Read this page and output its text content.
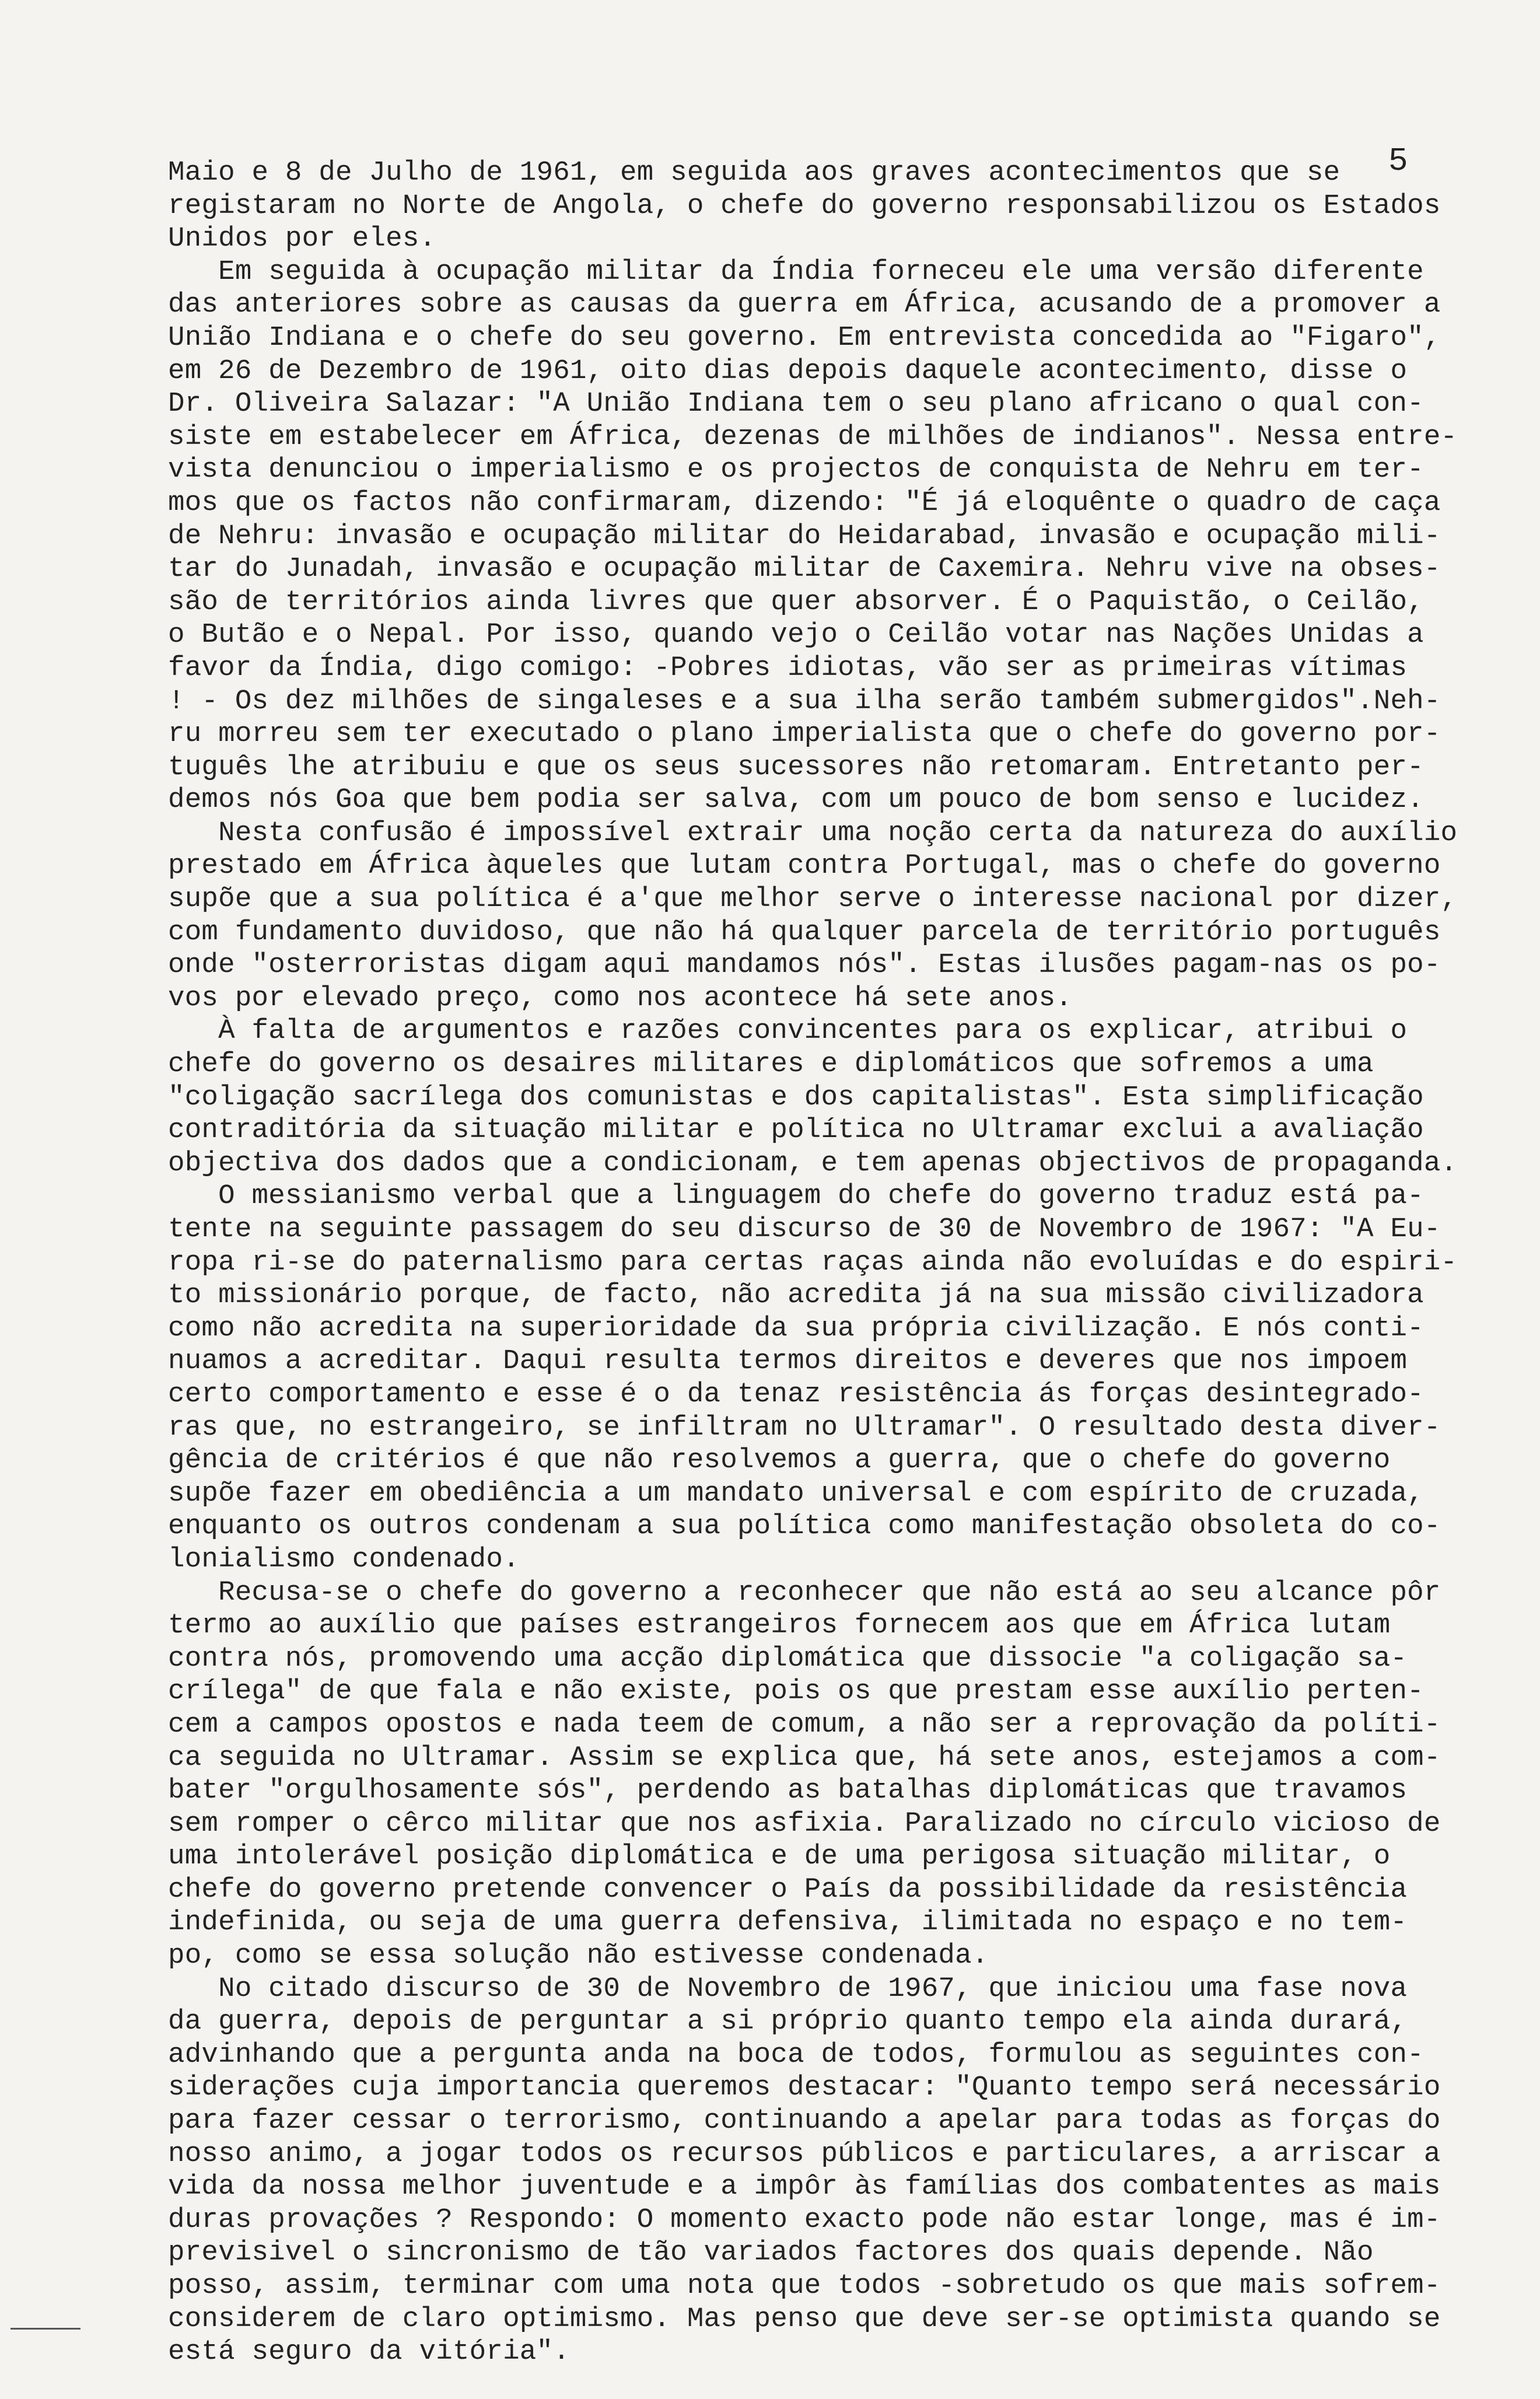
5
Maio e 8 de Julho de 1961, em seguida aos graves acontecimentos que se
registaram no Norte de Angola, o chefe do governo responsabilizou os Estados
Unidos por eles.
Em seguida à ocupação militar da Índia forneceu ele uma versão diferente
das anteriores sobre as causas da guerra em África, acusando de a promover a
União Indiana e o chefe do seu governo. Em entrevista concedida ao "Figaro",
em 26 de Dezembro de 1961, oito dias depois daquele acontecimento, disse o
Dr. Oliveira Salazar: "A União Indiana tem o seu plano africano o qual con-
siste em estabelecer em África, dezenas de milhões de indianos". Nessa entre-
vista denunciou o imperialismo e os projectos de conquista de Nehru em ter-
mos que os factos não confirmaram, dizendo: "É já eloquênte o quadro de caça
de Nehru: invasão e ocupação militar do Heidarabad, invasão e ocupação mili-
tar do Junadah, invasão e ocupação militar de Caxemira. Nehru vive na obses-
são de territórios ainda livres que quer absorver. É o Paquistão, o Ceilão,
o Butão e o Nepal. Por isso, quando vejo o Ceilão votar nas Nações Unidas a
favor da Índia, digo comigo: -Pobres idiotas, vão ser as primeiras vítimas
! - Os dez milhões de singaleses e a sua ilha serão também submergidos".Neh-
ru morreu sem ter executado o plano imperialista que o chefe do governo por-
tuguês lhe atribuiu e que os seus sucessores não retomaram. Entretanto per-
demos nós Goa que bem podia ser salva, com um pouco de bom senso e lucidez.
Nesta confusão é impossível extrair uma noção certa da natureza do auxílio
prestado em África àqueles que lutam contra Portugal, mas o chefe do governo
supõe que a sua política é a'que melhor serve o interesse nacional por dizer,
com fundamento duvidoso, que não há qualquer parcela de território português
onde "osterroristas digam aqui mandamos nós". Estas ilusões pagam-nas os po-
vos por elevado preço, como nos acontece há sete anos.
À falta de argumentos e razões convincentes para os explicar, atribui o
chefe do governo os desaires militares e diplomáticos que sofremos a uma
"coligação sacrílega dos comunistas e dos capitalistas". Esta simplificação
contraditória da situação militar e política no Ultramar exclui a avaliação
objectiva dos dados que a condicionam, e tem apenas objectivos de propaganda.
O messianismo verbal que a linguagem do chefe do governo traduz está pa-
tente na seguinte passagem do seu discurso de 30 de Novembro de 1967: "A Eu-
ropa ri-se do paternalismo para certas raças ainda não evoluídas e do espiri-
to missionário porque, de facto, não acredita já na sua missão civilizadora
como não acredita na superioridade da sua própria civilização. E nós conti-
nuamos a acreditar. Daqui resulta termos direitos e deveres que nos impoem
certo comportamento e esse é o da tenaz resistência ás forças desintegrado-
ras que, no estrangeiro, se infiltram no Ultramar". O resultado desta diver-
gência de critérios é que não resolvemos a guerra, que o chefe do governo
supõe fazer em obediência a um mandato universal e com espírito de cruzada,
enquanto os outros condenam a sua política como manifestação obsoleta do co-
lonialismo condenado.
Recusa-se o chefe do governo a reconhecer que não está ao seu alcance pôr
termo ao auxílio que países estrangeiros fornecem aos que em África lutam
contra nós, promovendo uma acção diplomática que dissocie "a coligação sa-
crílega" de que fala e não existe, pois os que prestam esse auxílio perten-
cem a campos opostos e nada teem de comum, a não ser a reprovação da políti-
ca seguida no Ultramar. Assim se explica que, há sete anos, estejamos a com-
bater "orgulhosamente sós", perdendo as batalhas diplomáticas que travamos
sem romper o cêrco militar que nos asfixia. Paralizado no círculo vicioso de
uma intolerável posição diplomática e de uma perigosa situação militar, o
chefe do governo pretende convencer o País da possibilidade da resistência
indefinida, ou seja de uma guerra defensiva, ilimitada no espaço e no tem-
po, como se essa solução não estivesse condenada.
No citado discurso de 30 de Novembro de 1967, que iniciou uma fase nova
da guerra, depois de perguntar a si próprio quanto tempo ela ainda durará,
advinhando que a pergunta anda na boca de todos, formulou as seguintes con-
siderações cuja importancia queremos destacar: "Quanto tempo será necessário
para fazer cessar o terrorismo, continuando a apelar para todas as forças do
nosso animo, a jogar todos os recursos públicos e particulares, a arriscar a
vida da nossa melhor juventude e a impôr às famílias dos combatentes as mais
duras provações ? Respondo: O momento exacto pode não estar longe, mas é im-
previsivel o sincronismo de tão variados factores dos quais depende. Não
posso, assim, terminar com uma nota que todos -sobretudo os que mais sofrem-
considerem de claro optimismo. Mas penso que deve ser-se optimista quando se
está seguro da vitória".
